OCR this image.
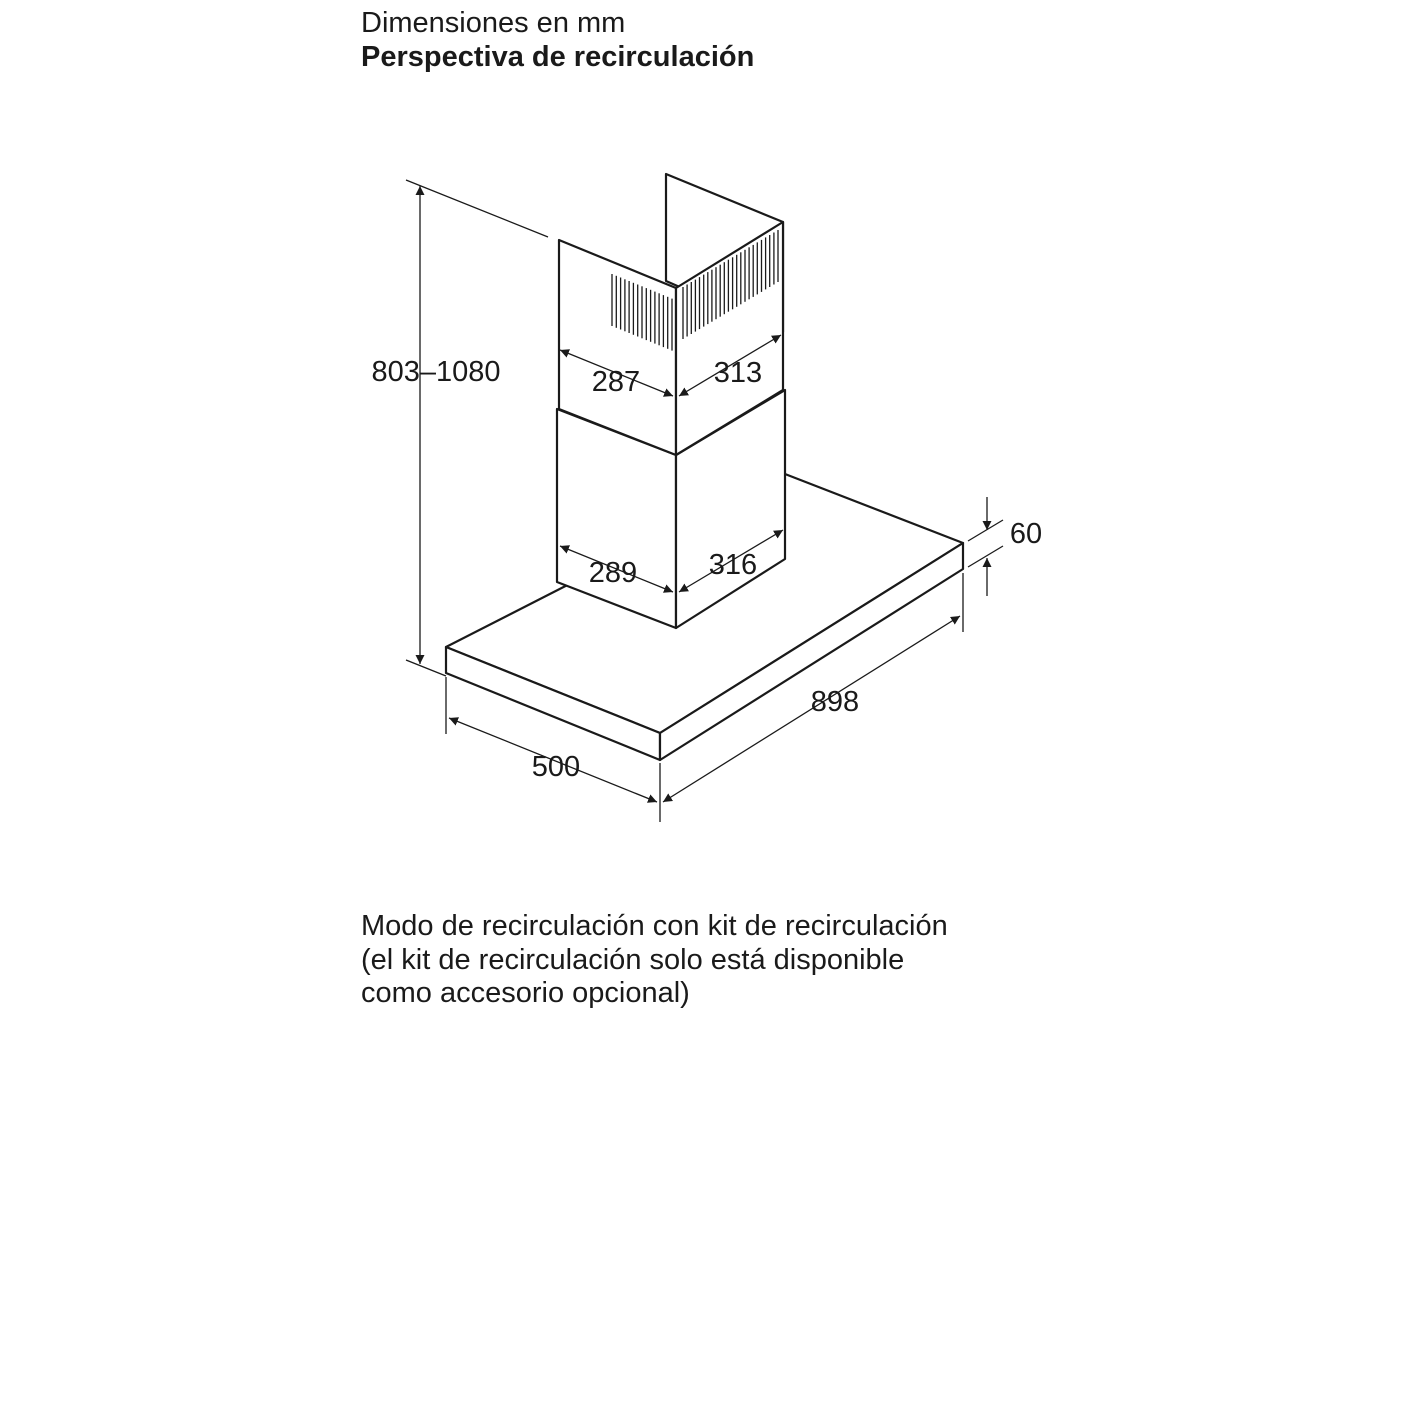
Dimensiones en mm
Perspectiva de recirculación
803–1080	287	313
289 316
60
898
500
Modo de recirculación con kit de recirculación
(el kit de recirculación solo está disponible
como accesorio opcional)
